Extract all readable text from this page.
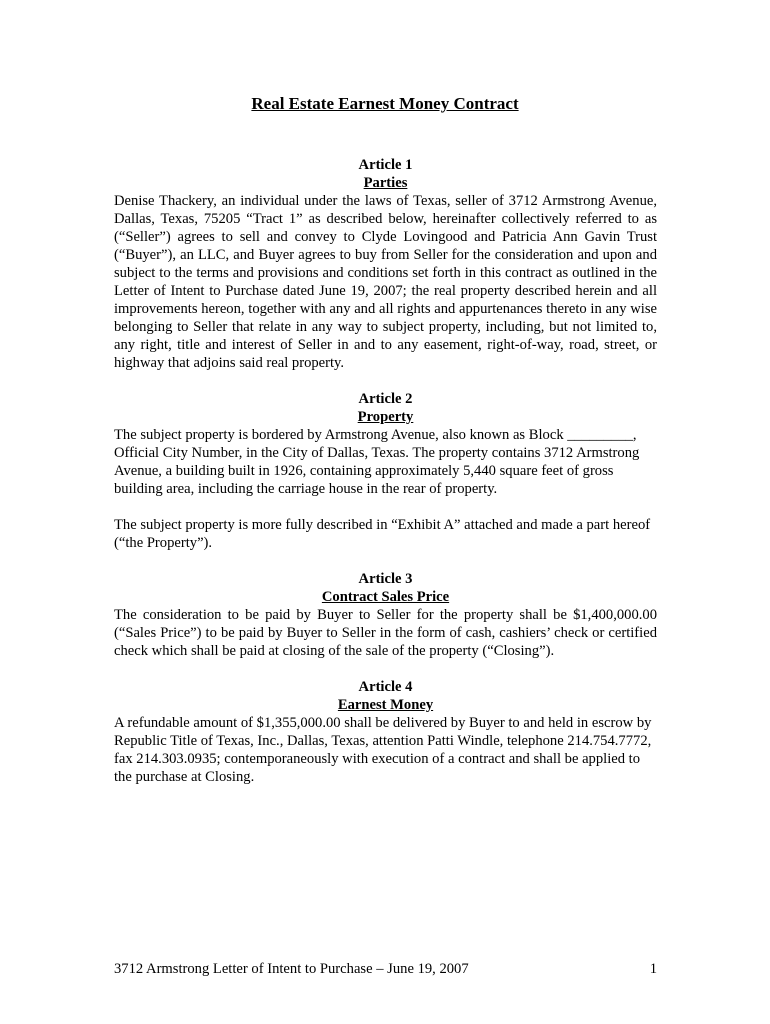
Real Estate Earnest Money Contract
Article 1
Parties

Denise Thackery, an individual under the laws of Texas, seller of 3712 Armstrong Avenue, Dallas, Texas, 75205 “Tract 1” as described below, hereinafter collectively referred to as (“Seller”) agrees to sell and convey to Clyde Lovingood and Patricia Ann Gavin Trust (“Buyer”), an LLC, and Buyer agrees to buy from Seller for the consideration and upon and subject to the terms and provisions and conditions set forth in this contract as outlined in the Letter of Intent to Purchase dated June 19, 2007; the real property described herein and all improvements hereon, together with any and all rights and appurtenances thereto in any wise belonging to Seller that relate in any way to subject property, including, but not limited to, any right, title and interest of Seller in and to any easement, right-of-way, road, street, or highway that adjoins said real property.

Article 2
Property

The subject property is bordered by Armstrong Avenue, also known as Block _________, Official City Number, in the City of Dallas, Texas. The property contains 3712 Armstrong Avenue, a building built in 1926, containing approximately 5,440 square feet of gross building area, including the carriage house in the rear of property.

The subject property is more fully described in “Exhibit A” attached and made a part hereof (“the Property”).

Article 3
Contract Sales Price

The consideration to be paid by Buyer to Seller for the property shall be $1,400,000.00 (“Sales Price”) to be paid by Buyer to Seller in the form of cash, cashiers’ check or certified check which shall be paid at closing of the sale of the property (“Closing”).

Article 4
Earnest Money

A refundable amount of $1,355,000.00 shall be delivered by Buyer to and held in escrow by Republic Title of Texas, Inc., Dallas, Texas, attention Patti Windle, telephone 214.754.7772, fax 214.303.0935; contemporaneously with execution of a contract and shall be applied to the purchase at Closing.

3712 Armstrong Letter of Intent to Purchase – June 19, 2007	1
